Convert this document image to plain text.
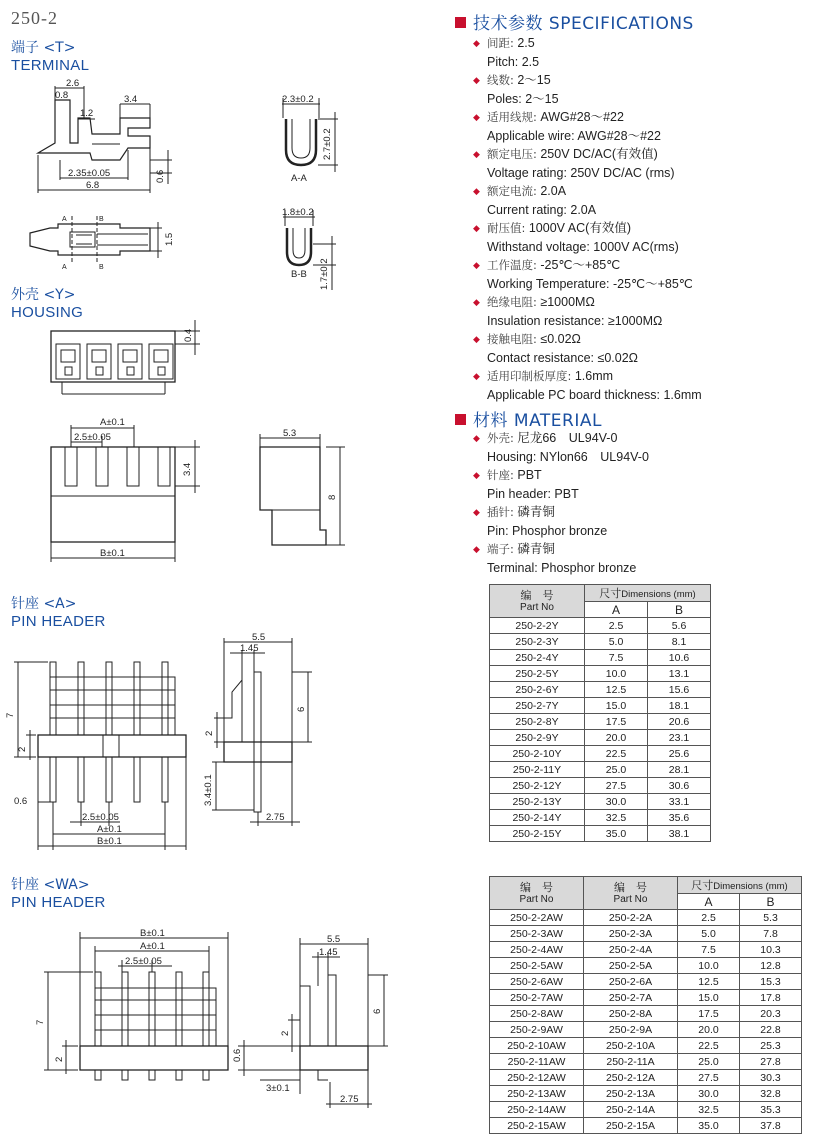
250-2
端子 <T>
TERMINAL
外壳 <Y>
HOUSING
针座 <A>
PIN HEADER
针座 <WA>
PIN HEADER
2.6
0.8
1.2
3.4
2.35±0.05
6.8
0.6
2.3±0.2
2.7±0.2
A-A
1.8±0.2
1.7±0.2
B-B
1.5
A
A
B
B
0.4
A±0.1
2.5±0.05
3.4
B±0.1
5.3
8
5.5
1.45
7
6
2
2
3.4±0.1
0.6
2.5±0.05
A±0.1
B±0.1
2.75
B±0.1
A±0.1
2.5±0.05
5.5
1.45
6
7
2
2
0.6
3±0.1
2.75
技术参数 SPECIFICATIONS
◆ 间距: 2.5
Pitch: 2.5
◆ 线数: 2～15
Poles: 2～15
◆ 适用线规: AWG#28～#22
Applicable wire: AWG#28～#22
◆ 额定电压: 250V DC/AC(有效值)
Voltage rating: 250V DC/AC (rms)
◆ 额定电流: 2.0A
Current rating: 2.0A
◆ 耐压值: 1000V AC(有效值)
Withstand voltage: 1000V AC(rms)
◆ 工作温度: -25℃～+85℃
Working Temperature: -25℃～+85℃
◆ 绝缘电阻: ≥1000MΩ
Insulation resistance: ≥1000MΩ
◆ 接触电阻: ≤0.02Ω
Contact resistance: ≤0.02Ω
◆ 适用印制板厚度: 1.6mm
Applicable PC board thickness: 1.6mm
材料 MATERIAL
◆ 外壳: 尼龙66　UL94V-0
Housing: NYlon66　UL94V-0
◆ 针座: PBT
Pin header: PBT
◆ 插针: 磷青铜
Pin: Phosphor bronze
◆ 端子: 磷青铜
Terminal: Phosphor bronze
编　号
Part No	尺寸Dimensions (mm)	
	A	B
250-2-2Y	2.5	5.6
250-2-3Y	5.0	8.1
250-2-4Y	7.5	10.6
250-2-5Y	10.0	13.1
250-2-6Y	12.5	15.6
250-2-7Y	15.0	18.1
250-2-8Y	17.5	20.6
250-2-9Y	20.0	23.1
250-2-10Y	22.5	25.6
250-2-11Y	25.0	28.1
250-2-12Y	27.5	30.6
250-2-13Y	30.0	33.1
250-2-14Y	32.5	35.6
250-2-15Y	35.0	38.1
编　号
Part No	编　号
Part No	尺寸Dimensions (mm)	
		A	B
250-2-2AW	250-2-2A	2.5	5.3
250-2-3AW	250-2-3A	5.0	7.8
250-2-4AW	250-2-4A	7.5	10.3
250-2-5AW	250-2-5A	10.0	12.8
250-2-6AW	250-2-6A	12.5	15.3
250-2-7AW	250-2-7A	15.0	17.8
250-2-8AW	250-2-8A	17.5	20.3
250-2-9AW	250-2-9A	20.0	22.8
250-2-10AW	250-2-10A	22.5	25.3
250-2-11AW	250-2-11A	25.0	27.8
250-2-12AW	250-2-12A	27.5	30.3
250-2-13AW	250-2-13A	30.0	32.8
250-2-14AW	250-2-14A	32.5	35.3
250-2-15AW	250-2-15A	35.0	37.8
